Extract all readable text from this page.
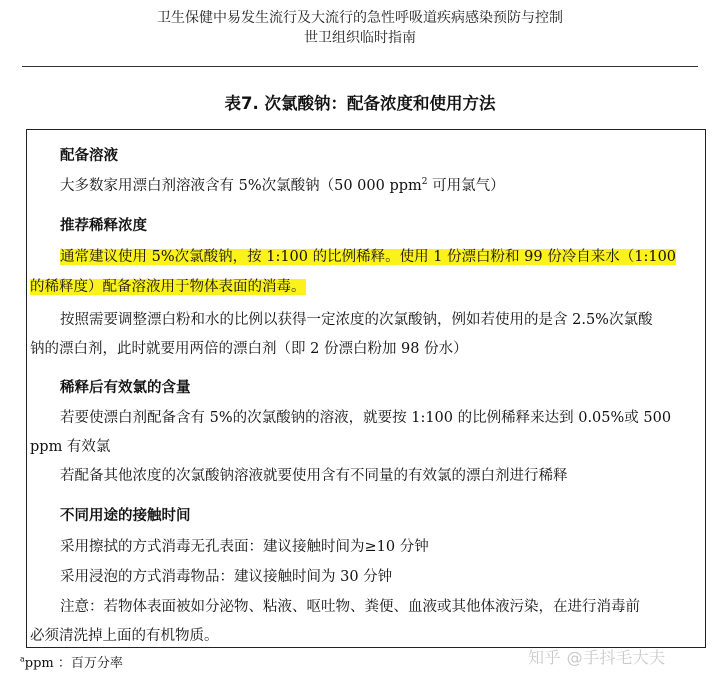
卫生保健中易发生流行及大流行的急性呼吸道疾病感染预防与控制
世卫组织临时指南
表7. 次氯酸钠：配备浓度和使用方法
配备溶液
大多数家用漂白剂溶液含有 5%次氯酸钠（50 000 ppm$^2$ 可用氯气）
推荐稀释浓度
通常建议使用 5%次氯酸钠，按 1:100 的比例稀释。使用 1 份漂白粉和 99 份冷自来水（1:100
的稀释度）配备溶液用于物体表面的消毒。
按照需要调整漂白粉和水的比例以获得一定浓度的次氯酸钠，例如若使用的是含 2.5%次氯酸
钠的漂白剂，此时就要用两倍的漂白剂（即 2 份漂白粉加 98 份水）
稀释后有效氯的含量
若要使漂白剂配备含有 5%的次氯酸钠的溶液，就要按 1:100 的比例稀释来达到 0.05%或 500
ppm 有效氯
若配备其他浓度的次氯酸钠溶液就要使用含有不同量的有效氯的漂白剂进行稀释
不同用途的接触时间
采用擦拭的方式消毒无孔表面：建议接触时间为≥10 分钟
采用浸泡的方式消毒物品：建议接触时间为 30 分钟
注意：若物体表面被如分泌物、粘液、呕吐物、粪便、血液或其他体液污染，在进行消毒前
必须清洗掉上面的有机物质。
$^a$ppm ：百万分率	知乎 @手抖毛大夫
